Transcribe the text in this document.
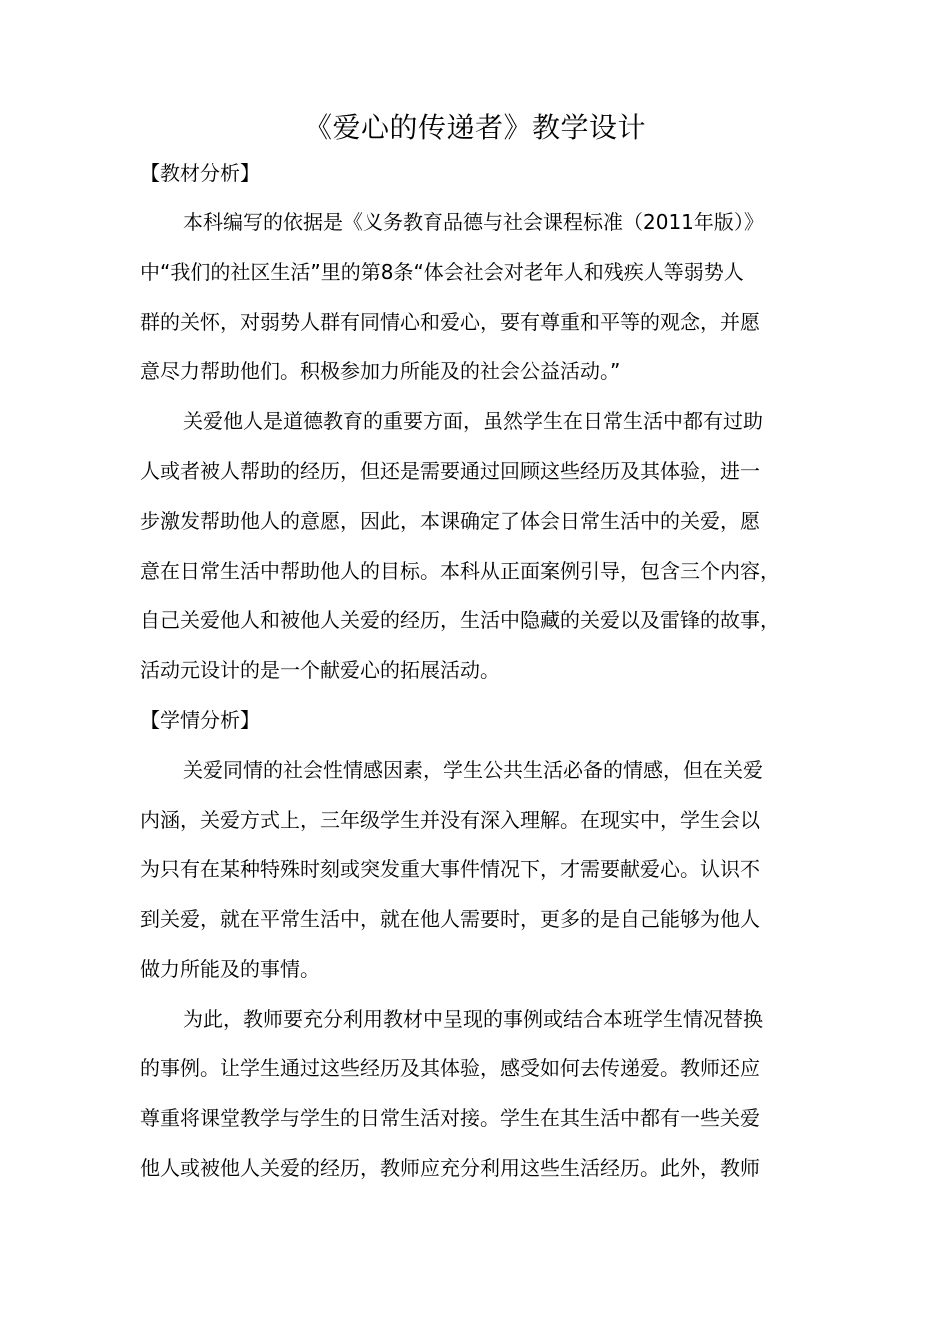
《爱心的传递者》教学设计
【教材分析】
本科编写的依据是《义务教育品德与社会课程标准（2011年版）》
中“我们的社区生活”里的第8条“体会社会对老年人和残疾人等弱势人
群的关怀，对弱势人群有同情心和爱心，要有尊重和平等的观念，并愿
意尽力帮助他们。积极参加力所能及的社会公益活动。”
关爱他人是道德教育的重要方面，虽然学生在日常生活中都有过助
人或者被人帮助的经历，但还是需要通过回顾这些经历及其体验，进一
步激发帮助他人的意愿，因此，本课确定了体会日常生活中的关爱，愿
意在日常生活中帮助他人的目标。本科从正面案例引导，包含三个内容，
自己关爱他人和被他人关爱的经历，生活中隐藏的关爱以及雷锋的故事，
活动元设计的是一个献爱心的拓展活动。
【学情分析】
关爱同情的社会性情感因素，学生公共生活必备的情感，但在关爱
内涵，关爱方式上，三年级学生并没有深入理解。在现实中，学生会以
为只有在某种特殊时刻或突发重大事件情况下，才需要献爱心。认识不
到关爱，就在平常生活中，就在他人需要时，更多的是自己能够为他人
做力所能及的事情。
为此，教师要充分利用教材中呈现的事例或结合本班学生情况替换
的事例。让学生通过这些经历及其体验，感受如何去传递爱。教师还应
尊重将课堂教学与学生的日常生活对接。学生在其生活中都有一些关爱
他人或被他人关爱的经历，教师应充分利用这些生活经历。此外，教师
